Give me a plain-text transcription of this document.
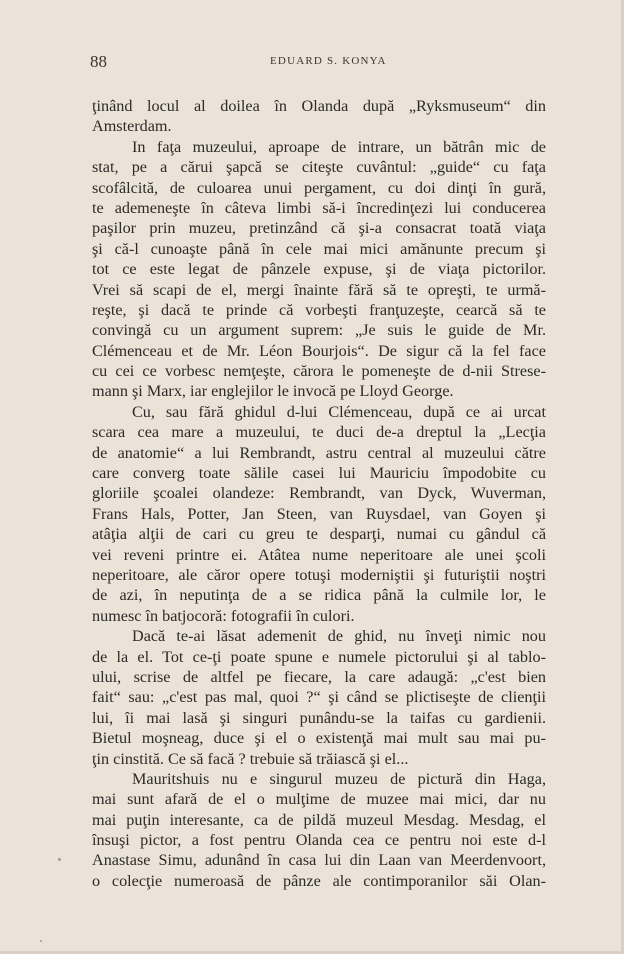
88	EDUARD S. KONYA
ţinând locul al doilea în Olanda după „Ryksmuseum“ din
Amsterdam.
In faţa muzeului, aproape de intrare, un bătrân mic de
stat, pe a cărui şapcă se citeşte cuvântul: „guide“ cu faţa
scofâlcită, de culoarea unui pergament, cu doi dinţi în gură,
te ademeneşte în câteva limbi să-i încredinţezi lui conducerea
paşilor prin muzeu, pretinzând că şi-a consacrat toată viaţa
şi că-l cunoaşte până în cele mai mici amănunte precum şi
tot ce este legat de pânzele expuse, şi de viaţa pictorilor.
Vrei să scapi de el, mergi înainte fără să te opreşti, te urmă-
reşte, şi dacă te prinde că vorbeşti franţuzeşte, cearcă să te
convingă cu un argument suprem: „Je suis le guide de Mr.
Clémenceau et de Mr. Léon Bourjois“. De sigur că la fel face
cu cei ce vorbesc nemţeşte, cărora le pomeneşte de d-nii Strese-
mann şi Marx, iar englejilor le invocă pe Lloyd George.
Cu, sau fără ghidul d-lui Clémenceau, după ce ai urcat
scara cea mare a muzeului, te duci de-a dreptul la „Lecţia
de anatomie“ a lui Rembrandt, astru central al muzeului către
care converg toate sălile casei lui Mauriciu împodobite cu
gloriile şcoalei olandeze: Rembrandt, van Dyck, Wuverman,
Frans Hals, Potter, Jan Steen, van Ruysdael, van Goyen şi
atâţia alţii de cari cu greu te desparţi, numai cu gândul că
vei reveni printre ei. Atâtea nume neperitoare ale unei şcoli
neperitoare, ale căror opere totuşi moderniştii şi futuriştii noştri
de azi, în neputinţa de a se ridica până la culmile lor, le
numesc în batjocoră: fotografii în culori.
Dacă te-ai lăsat ademenit de ghid, nu înveţi nimic nou
de la el. Tot ce-ţi poate spune e numele pictorului şi al tablo-
ului, scrise de altfel pe fiecare, la care adaugă: „c'est bien
fait“ sau: „c'est pas mal, quoi ?“ şi când se plictiseşte de clienţii
lui, îi mai lasă şi singuri punându-se la taifas cu gardienii.
Bietul moşneag, duce şi el o existenţă mai mult sau mai pu-
ţin cinstită. Ce să facă ? trebuie să trăiască şi el...
Mauritshuis nu e singurul muzeu de pictură din Haga,
mai sunt afară de el o mulţime de muzee mai mici, dar nu
mai puţin interesante, ca de pildă muzeul Mesdag. Mesdag, el
însuşi pictor, a fost pentru Olanda cea ce pentru noi este d-l
Anastase Simu, adunând în casa lui din Laan van Meerdenvoort,
o colecţie numeroasă de pânze ale contimporanilor săi Olan-
